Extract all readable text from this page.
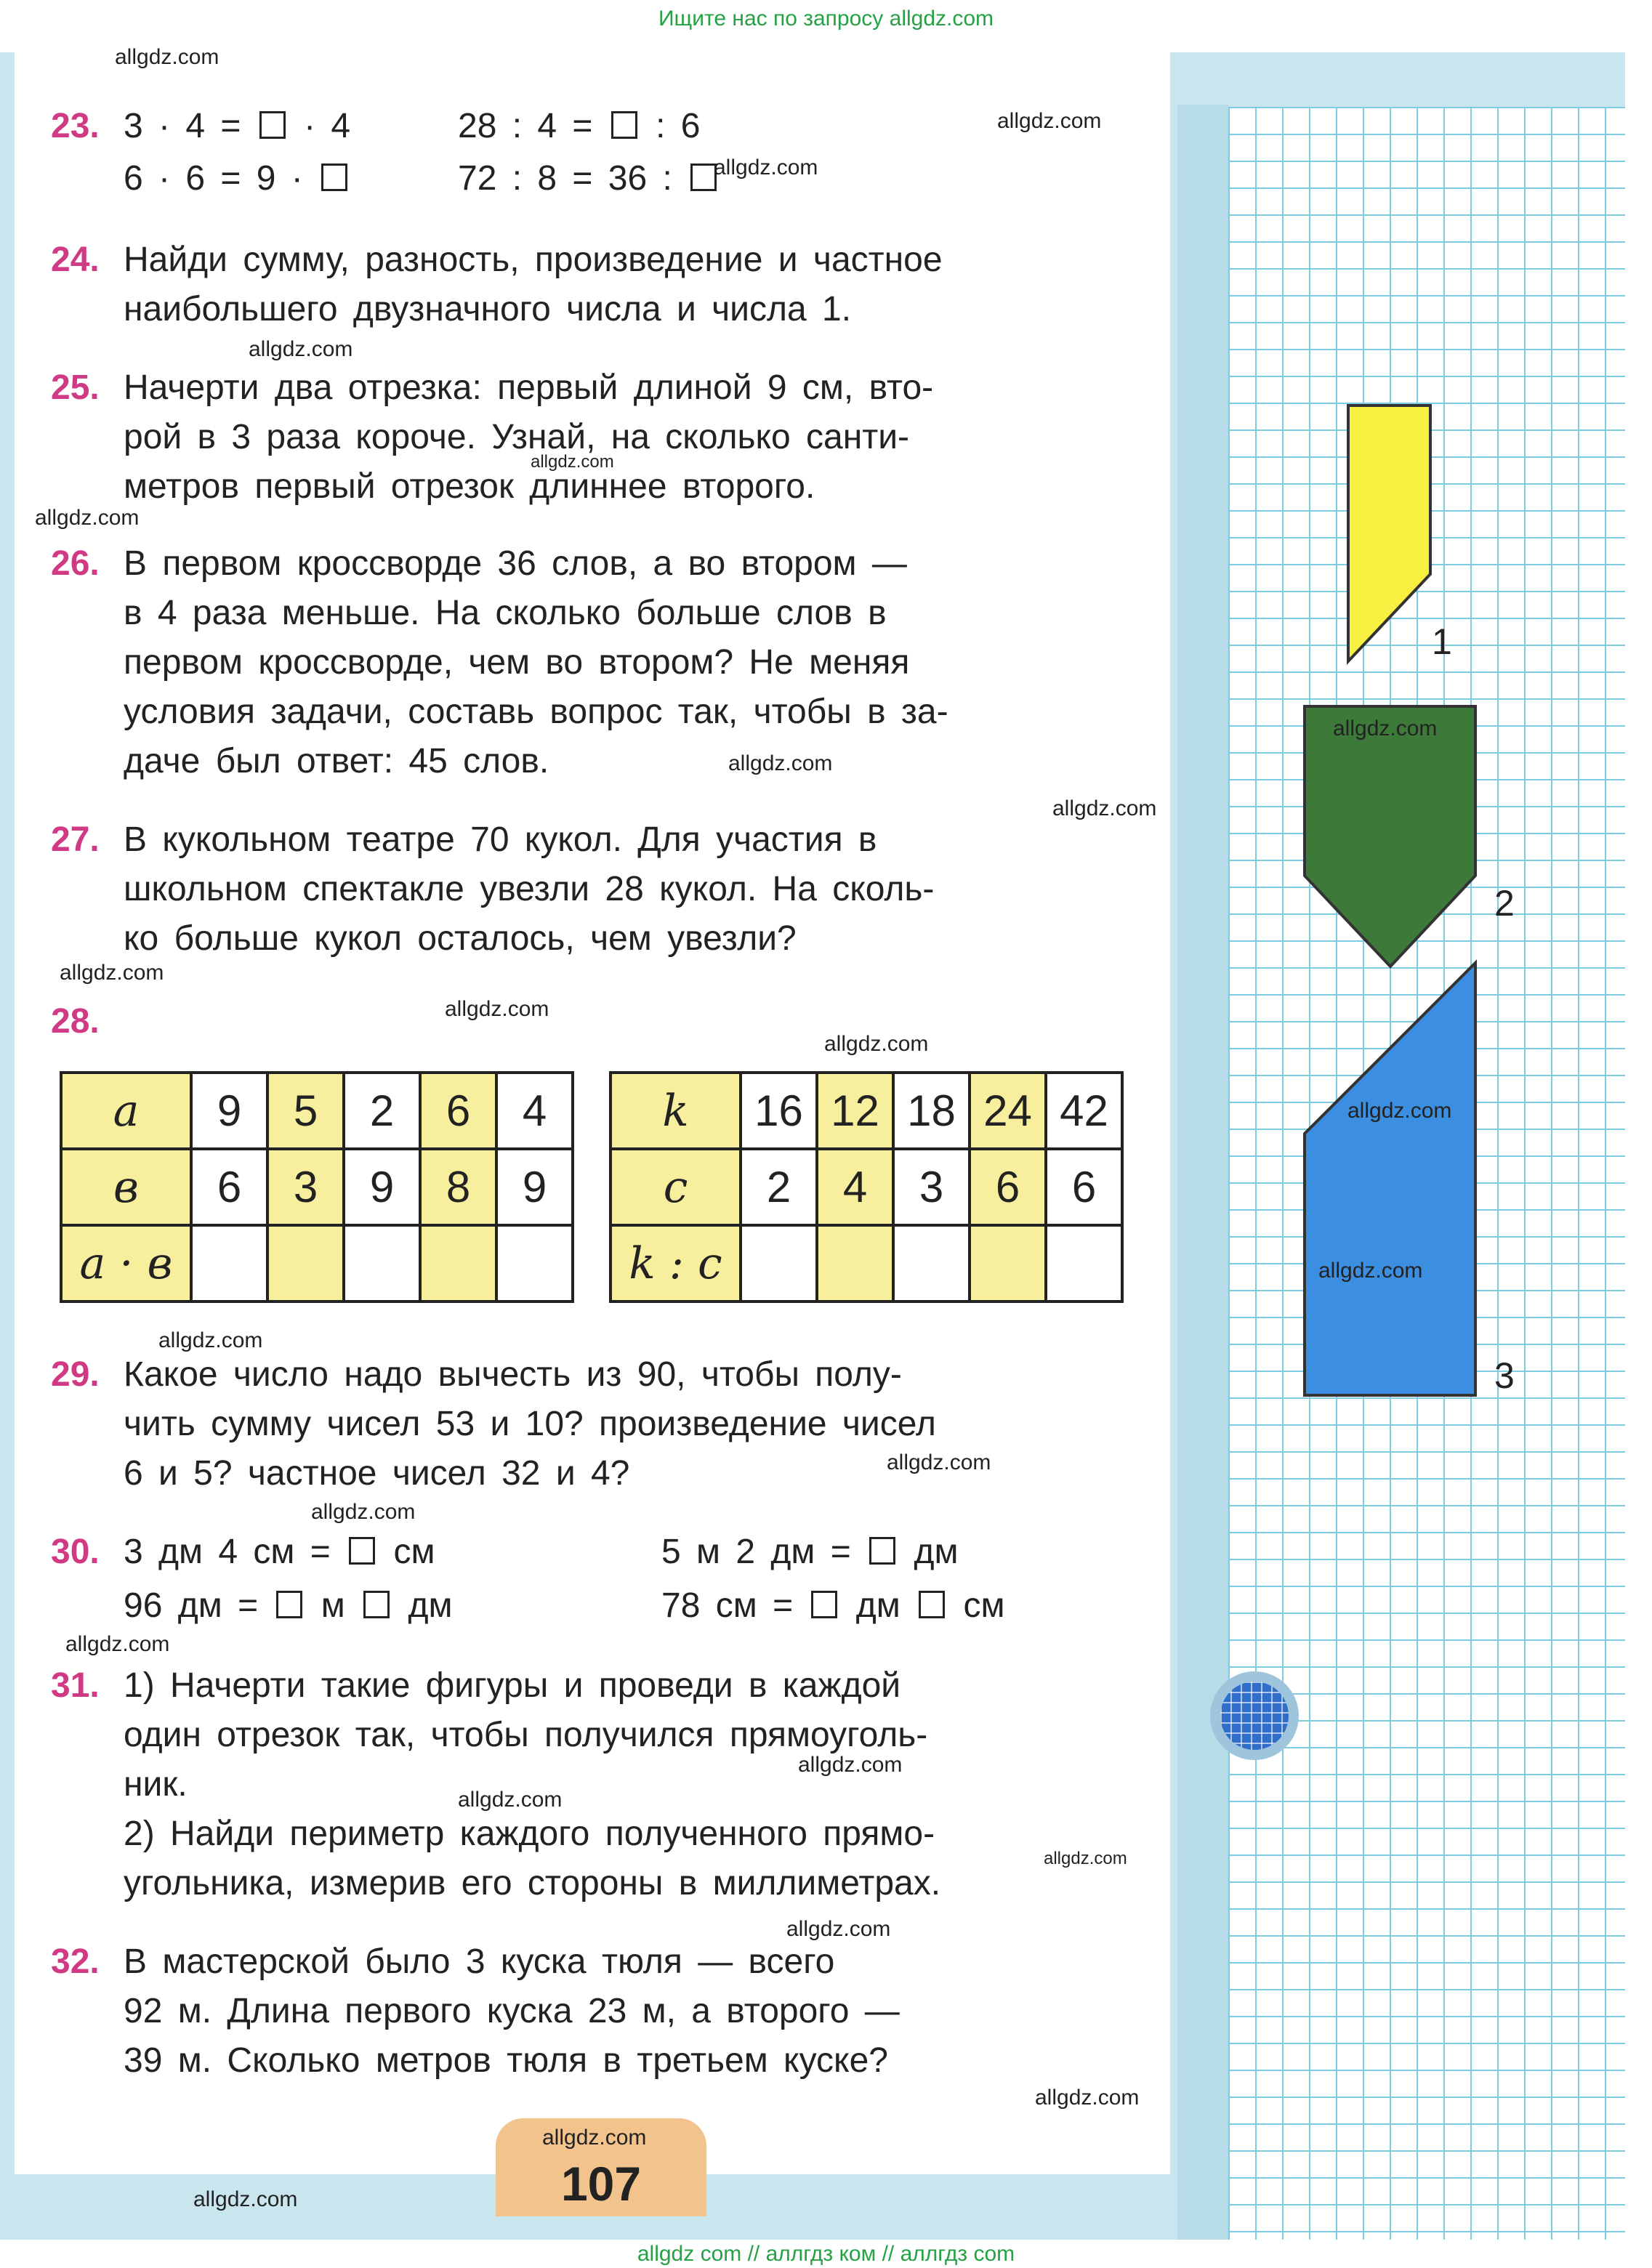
Ищите нас по запросу allgdz.com
23. 3 · 4 =  · 4	28 : 4 =  : 6
6 · 6 = 9 ·	72 : 8 = 36 :
24. Найди сумму, разность, произведение и частное
наибольшего двузначного числа и числа 1.
25. Начерти два отрезка: первый длиной 9 см, вто-
рой в 3 раза короче. Узнай, на сколько санти-
метров первый отрезок длиннее второго.
26. В первом кроссворде 36 слов, а во втором —
в 4 раза меньше. На сколько больше слов в
первом кроссворде, чем во втором? Не меняя
условия задачи, составь вопрос так, чтобы в за-
даче был ответ: 45 слов.
27. В кукольном театре 70 кукол. Для участия в
школьном спектакле увезли 28 кукол. На сколь-
ко больше кукол осталось, чем увезли?
28.
a	9	5	2	6	4
в	6	3	9	8	9
a · в					
k	16	12	18	24	42
c	2	4	3	6	6
k : c					
29. Какое число надо вычесть из 90, чтобы полу-
чить сумму чисел 53 и 10? произведение чисел
6 и 5? частное чисел 32 и 4?
30. 3 дм 4 см =  см	5 м 2 дм =  дм
96 дм =  м  дм	78 см =  дм  см
31. 1) Начерти такие фигуры и проведи в каждой
один отрезок так, чтобы получился прямоуголь-
ник.
2) Найди периметр каждого полученного прямо-
угольника, измерив его стороны в миллиметрах.
32. В мастерской было 3 куска тюля — всего
92 м. Длина первого куска 23 м, а второго —
39 м. Сколько метров тюля в третьем куске?
1
2
3
allgdz.com
allgdz.com
allgdz.com
allgdz.com
allgdz.com
allgdz.com
allgdz.com
allgdz.com
allgdz.com
allgdz.com
allgdz.com
allgdz.com
allgdz.com
allgdz.com
allgdz.com
allgdz.com
allgdz.com
allgdz.com
allgdz.com
allgdz.com
allgdz.com
allgdz.com
allgdz.com
allgdz.com
allgdz.com
107
allgdz com // аллгдз ком // аллгдз com
